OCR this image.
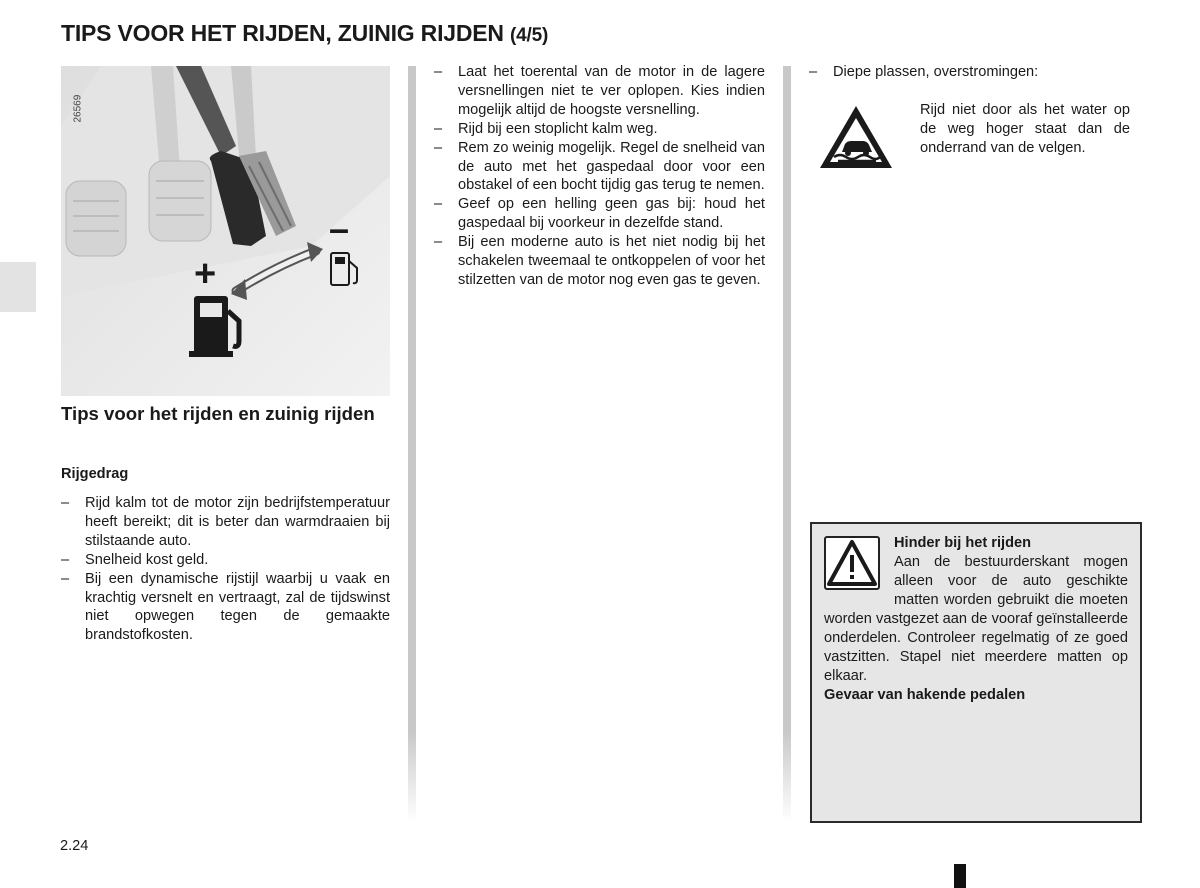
TIPS VOOR HET RIJDEN, ZUINIG RIJDEN (4/5)
+
–
26569
Tips voor het rijden en zuinig rijden
Rijgedrag
– Rijd kalm tot de motor zijn bedrijfstemperatuur heeft bereikt; dit is beter dan warmdraaien bij stilstaande auto.
– Snelheid kost geld.
– Bij een dynamische rijstijl waarbij u vaak en krachtig versnelt en vertraagt, zal de tijdswinst niet opwegen tegen de gemaakte brandstofkosten.
– Laat het toerental van de motor in de lagere versnellingen niet te ver oplopen. Kies indien mogelijk altijd de hoogste versnelling.
– Rijd bij een stoplicht kalm weg.
– Rem zo weinig mogelijk. Regel de snelheid van de auto met het gaspedaal door voor een obstakel of een bocht tijdig gas terug te nemen.
– Geef op een helling geen gas bij: houd het gaspedaal bij voorkeur in dezelfde stand.
– Bij een moderne auto is het niet nodig bij het schakelen tweemaal te ontkoppelen of voor het stilzetten van de motor nog even gas te geven.
– Diepe plassen, overstromingen:
Rijd niet door als het water op de weg hoger staat dan de onderrand van de velgen.
Hinder bij het rijden
Aan de bestuurderskant mogen alleen voor de auto geschikte matten worden gebruikt die moeten worden vastgezet aan de vooraf geïnstalleerde onderdelen. Controleer regelmatig of ze goed vastzitten. Stapel niet meerdere matten op elkaar.
Gevaar van hakende pedalen
2.24
